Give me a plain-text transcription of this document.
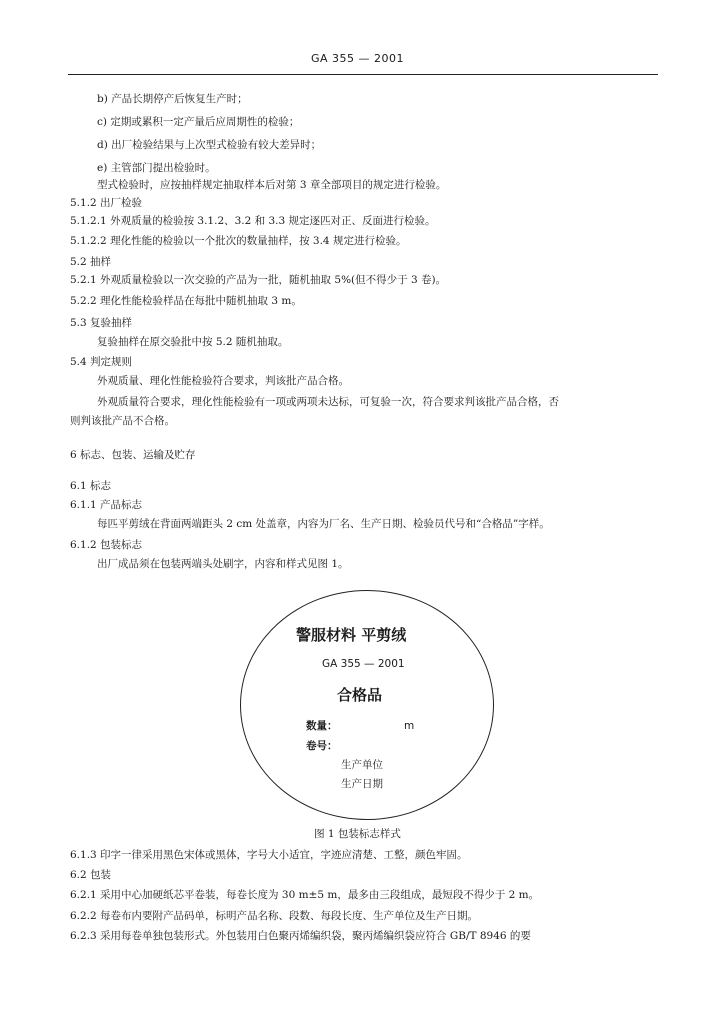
GA 355 — 2001
b) 产品长期停产后恢复生产时；
c) 定期或累积一定产量后应周期性的检验；
d) 出厂检验结果与上次型式检验有较大差异时；
e) 主管部门提出检验时。
型式检验时，应按抽样规定抽取样本后对第 3 章全部项目的规定进行检验。
5.1.2 出厂检验
5.1.2.1 外观质量的检验按 3.1.2、3.2 和 3.3 规定逐匹对正、反面进行检验。
5.1.2.2 理化性能的检验以一个批次的数量抽样，按 3.4 规定进行检验。
5.2 抽样
5.2.1 外观质量检验以一次交验的产品为一批，随机抽取 5%(但不得少于 3 卷)。
5.2.2 理化性能检验样品在每批中随机抽取 3 m。
5.3 复验抽样
复验抽样在原交验批中按 5.2 随机抽取。
5.4 判定规则
外观质量、理化性能检验符合要求，判该批产品合格。
外观质量符合要求，理化性能检验有一项或两项未达标，可复验一次，符合要求判该批产品合格，否
则判该批产品不合格。
6 标志、包装、运输及贮存
6.1 标志
6.1.1 产品标志
每匹平剪绒在背面两端距头 2 cm 处盖章，内容为厂名、生产日期、检验员代号和“合格品”字样。
6.1.2 包装标志
出厂成品须在包装两端头处刷字，内容和样式见图 1。
警服材料 平剪绒
GA 355 — 2001
合格品
数量：	m
卷号：
生产单位
生产日期
图 1 包装标志样式
6.1.3 印字一律采用黑色宋体或黑体，字号大小适宜，字迹应清楚、工整，颜色牢固。
6.2 包装
6.2.1 采用中心加硬纸芯平卷装，每卷长度为 30 m±5 m，最多由三段组成，最短段不得少于 2 m。
6.2.2 每卷布内要附产品码单，标明产品名称、段数、每段长度、生产单位及生产日期。
6.2.3 采用每卷单独包装形式。外包装用白色聚丙烯编织袋，聚丙烯编织袋应符合 GB/T 8946 的要
